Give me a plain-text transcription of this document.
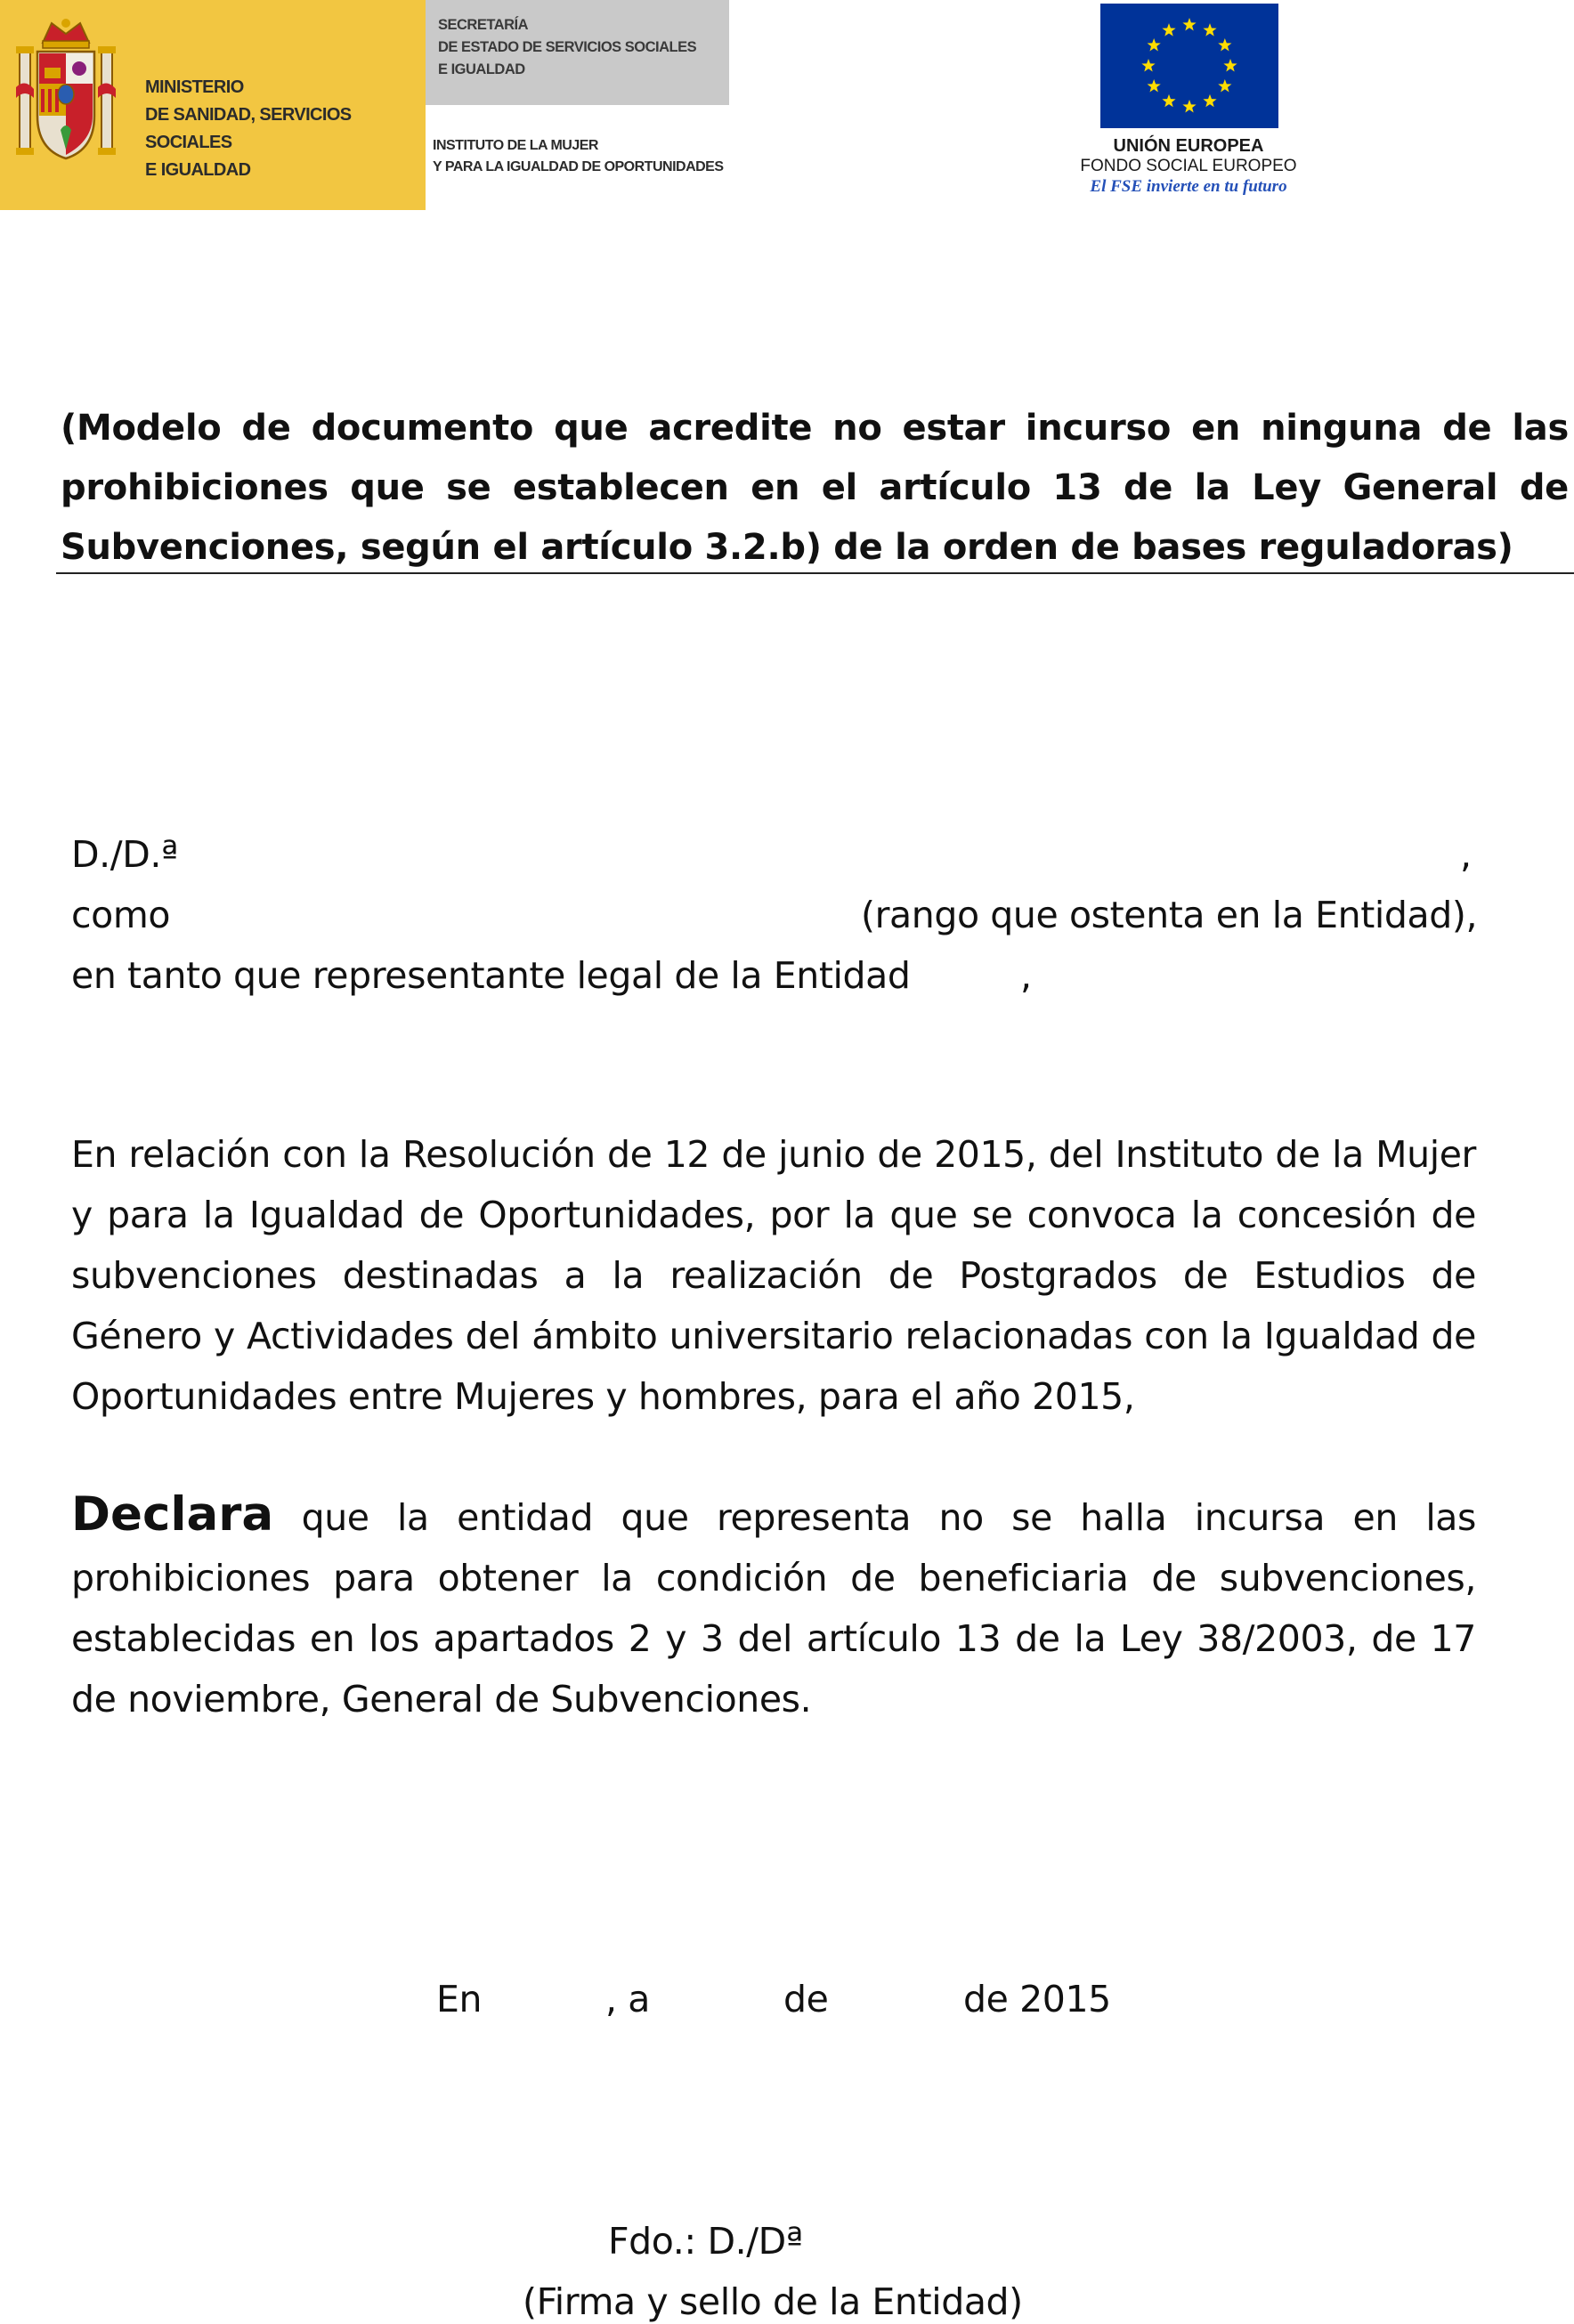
MINISTERIO
DE SANIDAD, SERVICIOS SOCIALES
E IGUALDAD
SECRETARÍA
DE ESTADO DE SERVICIOS SOCIALES
E IGUALDAD
INSTITUTO DE LA MUJER
Y PARA LA IGUALDAD DE OPORTUNIDADES
UNIÓN EUROPEA
FONDO SOCIAL EUROPEO
El FSE invierte en tu futuro
(Modelo de documento que acredite no estar incurso en ninguna de las prohibiciones que se establecen en el artículo 13 de la Ley General de Subvenciones, según el artículo 3.2.b) de la orden de bases reguladoras)
D./D.ª	,
como	(rango que ostenta en la Entidad),
en tanto que representante legal de la Entidad	,
En relación con la Resolución de 12 de junio de 2015, del Instituto de la Mujer y para la Igualdad de Oportunidades, por la que se convoca la concesión de subvenciones destinadas a la realización de Postgrados de Estudios de Género y Actividades del ámbito universitario relacionadas con la Igualdad de Oportunidades entre Mujeres y hombres, para el año 2015,
Declara que la entidad que representa no se halla incursa en las prohibiciones para obtener la condición de beneficiaria de subvenciones, establecidas en los apartados 2 y 3 del artículo 13 de la Ley 38/2003, de 17 de noviembre, General de Subvenciones.
En	, a	de	de 2015
Fdo.: D./Dª
(Firma y sello de la Entidad)
